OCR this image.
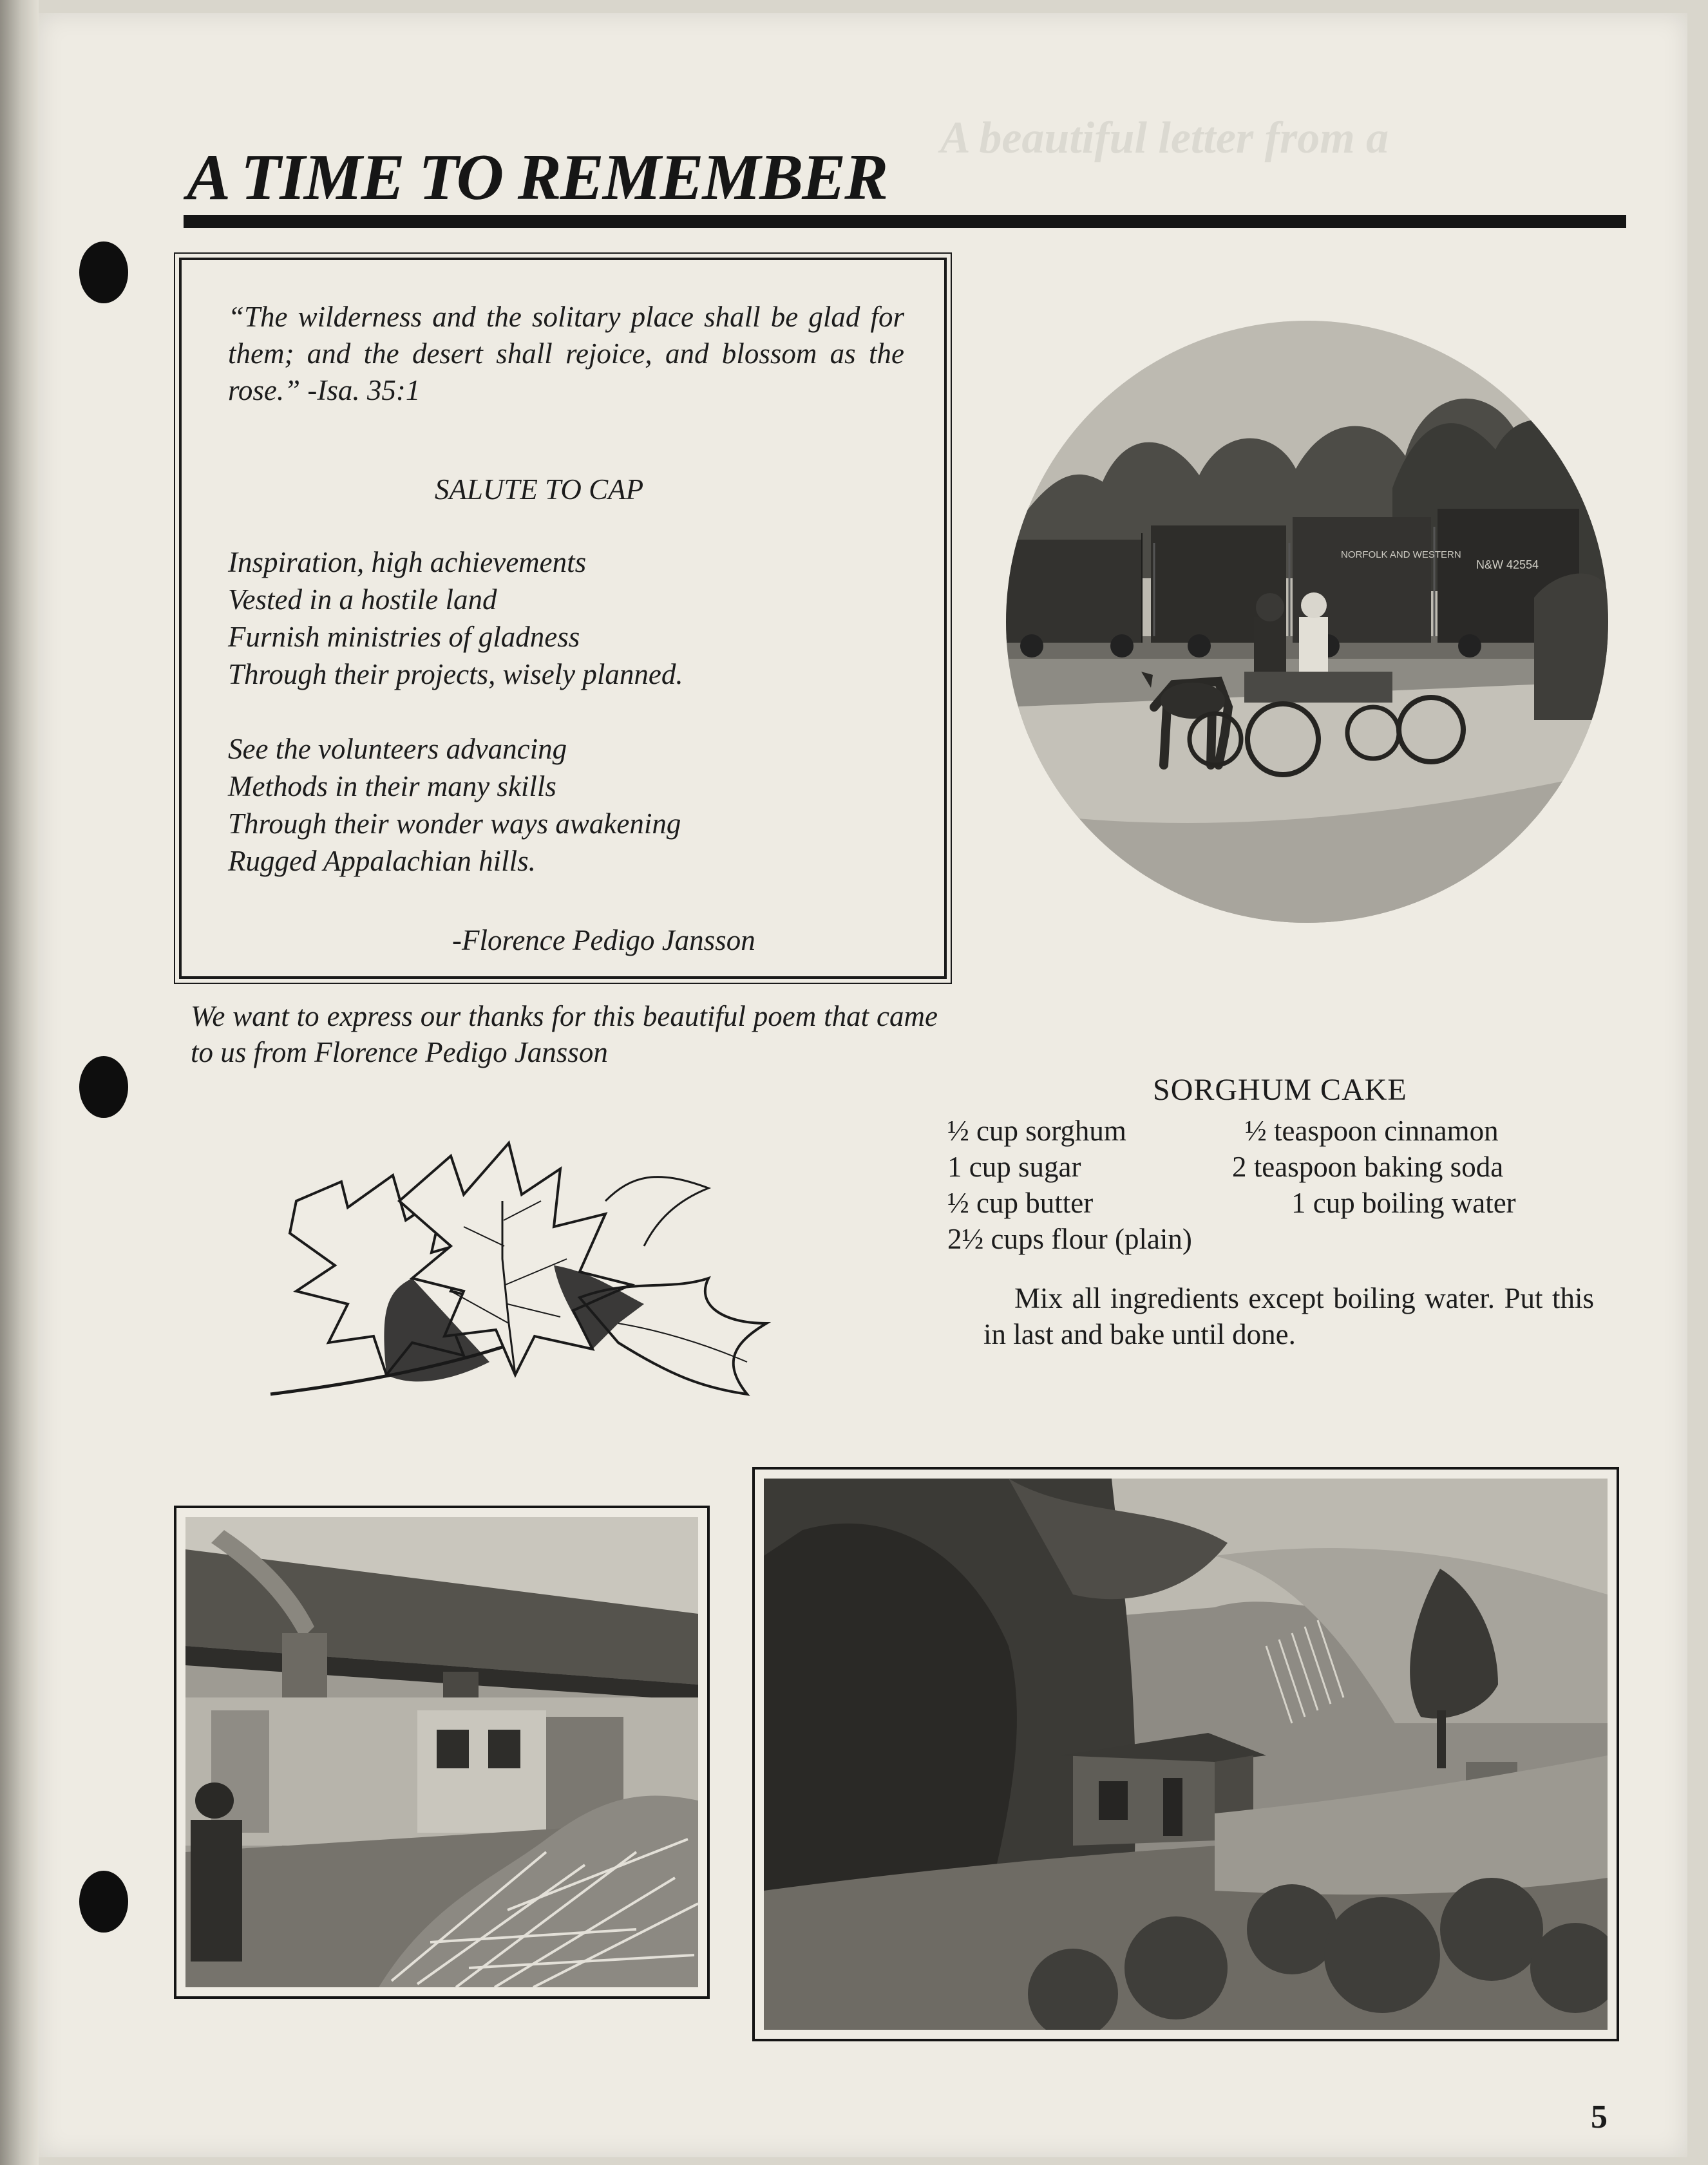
A beautiful letter from a
A TIME TO REMEMBER

“The wilderness and the solitary place shall be glad for them; and the desert shall rejoice, and blossom as the rose.” -Isa. 35:1

SALUTE TO CAP

Inspiration, high achievements
Vested in a hostile land
Furnish ministries of gladness
Through their projects, wisely planned.

See the volunteers advancing
Methods in their many skills
Through their wonder ways awakening
Rugged Appalachian hills.

-Florence Pedigo Jansson

We want to express our thanks for this beautiful poem that came to us from Florence Pedigo Jansson

NORFOLK AND WESTERN
N&W 42554
SORGHUM CAKE
½ cup sorghum
1 cup sugar
½ cup butter
2½ cups flour (plain)
½ teaspoon cinnamon
2 teaspoon baking soda
1 cup boiling water

Mix all ingredients except boiling water. Put this in last and bake until done.

5
